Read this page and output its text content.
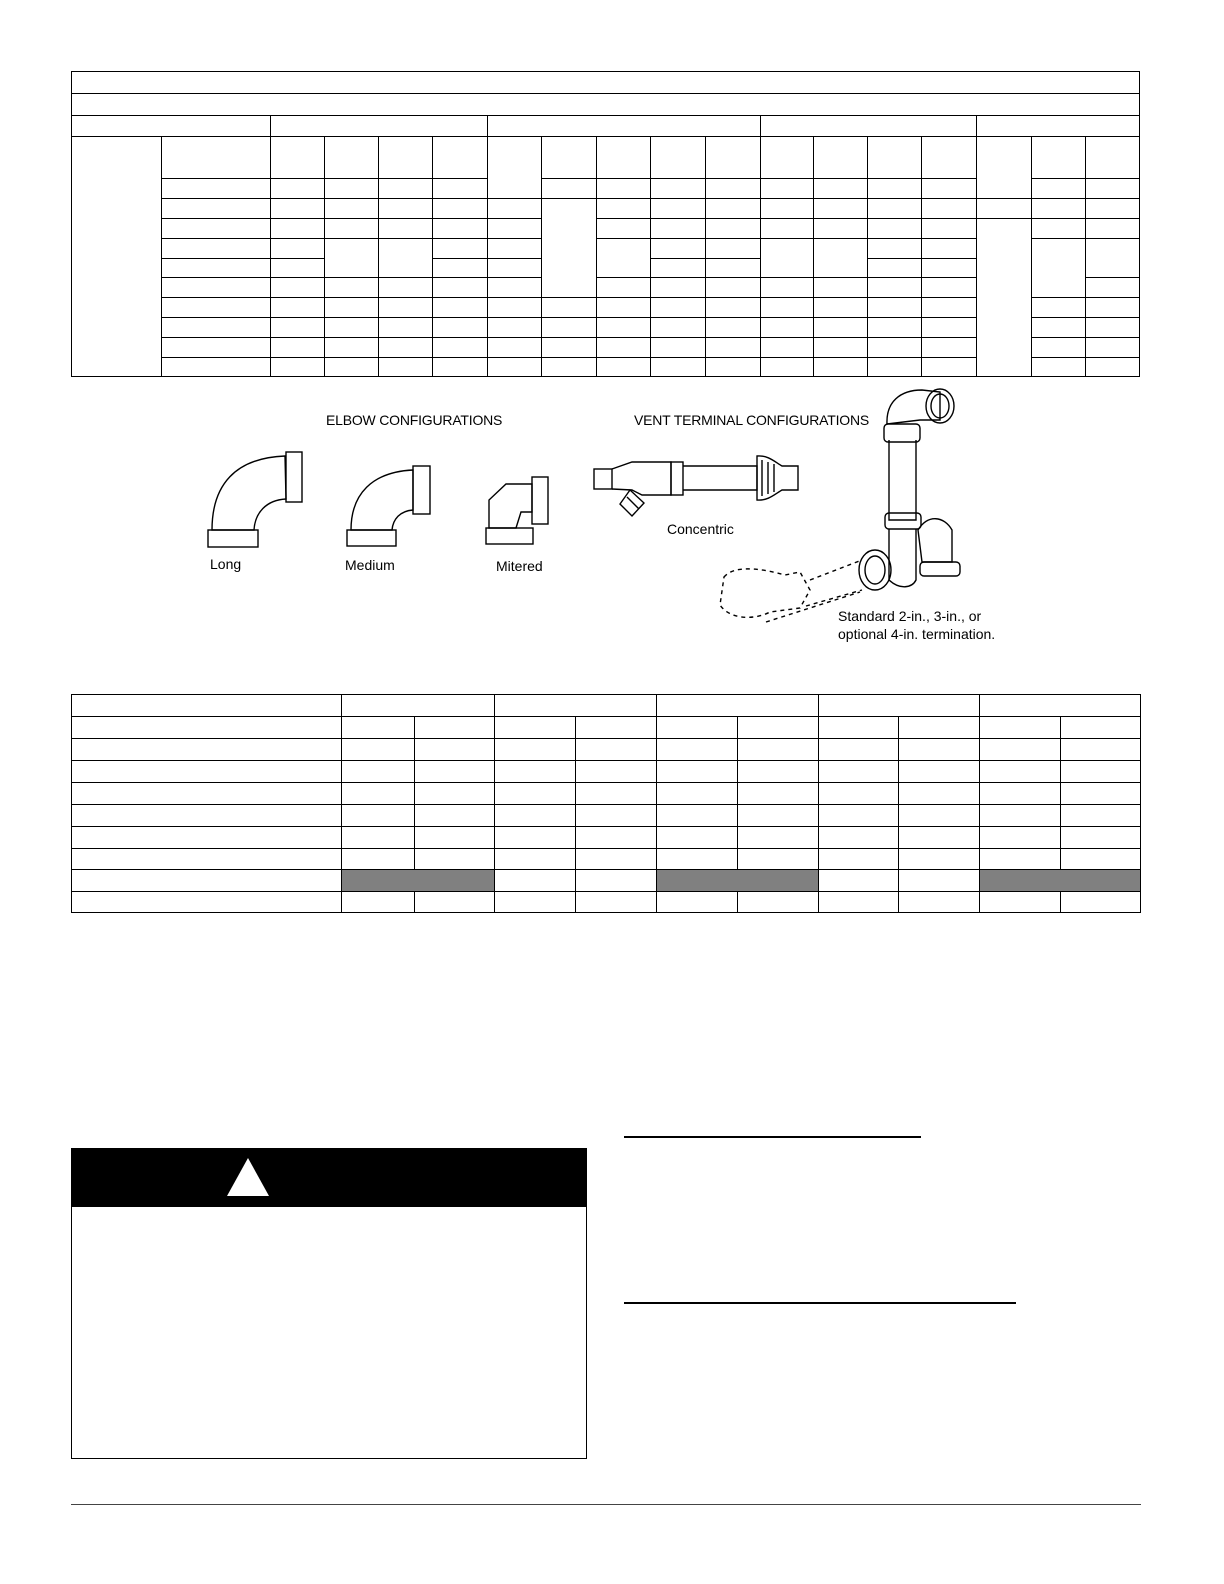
ELBOW CONFIGURATIONS	VENT TERMINAL CONFIGURATIONS
Long	Medium	Mitered
Concentric
Standard 2-in., 3-in., or
optional 4-in. termination.
